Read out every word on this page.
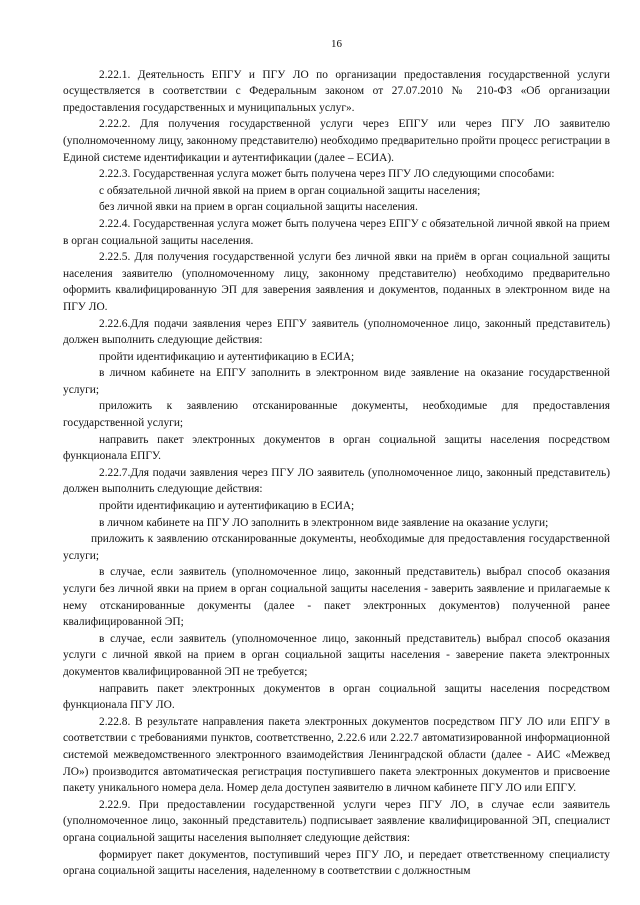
16

2.22.1. Деятельность ЕПГУ и ПГУ ЛО по организации предоставления государственной услуги осуществляется в соответствии с Федеральным законом от 27.07.2010 № 210-ФЗ «Об организации предоставления государственных и муниципальных услуг».

2.22.2. Для получения государственной услуги через ЕПГУ или через ПГУ ЛО заявителю (уполномоченному лицу, законному представителю) необходимо предварительно пройти процесс регистрации в Единой системе идентификации и аутентификации (далее – ЕСИА).

2.22.3. Государственная услуга может быть получена через ПГУ ЛО следующими способами:

с обязательной личной явкой на прием в орган социальной защиты населения;

без личной явки на прием в орган социальной защиты населения.

2.22.4. Государственная услуга может быть получена через ЕПГУ с обязательной личной явкой на прием в орган социальной защиты населения.

2.22.5. Для получения государственной услуги без личной явки на приём в орган социальной защиты населения заявителю (уполномоченному лицу, законному представителю) необходимо предварительно оформить квалифицированную ЭП для заверения заявления и документов, поданных в электронном виде на ПГУ ЛО.

2.22.6.Для подачи заявления через ЕПГУ заявитель (уполномоченное лицо, законный представитель) должен выполнить следующие действия:

пройти идентификацию и аутентификацию в ЕСИА;

в личном кабинете на ЕПГУ заполнить в электронном виде заявление на оказание государственной услуги;

приложить к заявлению отсканированные документы, необходимые для предоставления государственной услуги;

направить пакет электронных документов в орган социальной защиты населения посредством функционала ЕПГУ.

2.22.7.Для подачи заявления через ПГУ ЛО заявитель (уполномоченное лицо, законный представитель) должен выполнить следующие действия:

пройти идентификацию и аутентификацию в ЕСИА;

в личном кабинете на ПГУ ЛО заполнить в электронном виде заявление на оказание услуги;

приложить к заявлению отсканированные документы, необходимые для предоставления государственной услуги;

в случае, если заявитель (уполномоченное лицо, законный представитель) выбрал способ оказания услуги без личной явки на прием в орган социальной защиты населения - заверить заявление и прилагаемые к нему отсканированные документы (далее - пакет электронных документов) полученной ранее квалифицированной ЭП;

в случае, если заявитель (уполномоченное лицо, законный представитель) выбрал способ оказания услуги с личной явкой на прием в орган социальной защиты населения - заверение пакета электронных документов квалифицированной ЭП не требуется;

направить пакет электронных документов в орган социальной защиты населения посредством функционала ПГУ ЛО.

2.22.8. В результате направления пакета электронных документов посредством ПГУ ЛО или ЕПГУ в соответствии с требованиями пунктов, соответственно, 2.22.6 или 2.22.7 автоматизированной информационной системой межведомственного электронного взаимодействия Ленинградской области (далее - АИС «Межвед ЛО») производится автоматическая регистрация поступившего пакета электронных документов и присвоение пакету уникального номера дела. Номер дела доступен заявителю в личном кабинете ПГУ ЛО или ЕПГУ.

2.22.9. При предоставлении государственной услуги через ПГУ ЛО, в случае если заявитель (уполномоченное лицо, законный представитель) подписывает заявление квалифицированной ЭП, специалист органа социальной защиты населения выполняет следующие действия:

формирует пакет документов, поступивший через ПГУ ЛО, и передает ответственному специалисту органа социальной защиты населения, наделенному в соответствии с должностным
